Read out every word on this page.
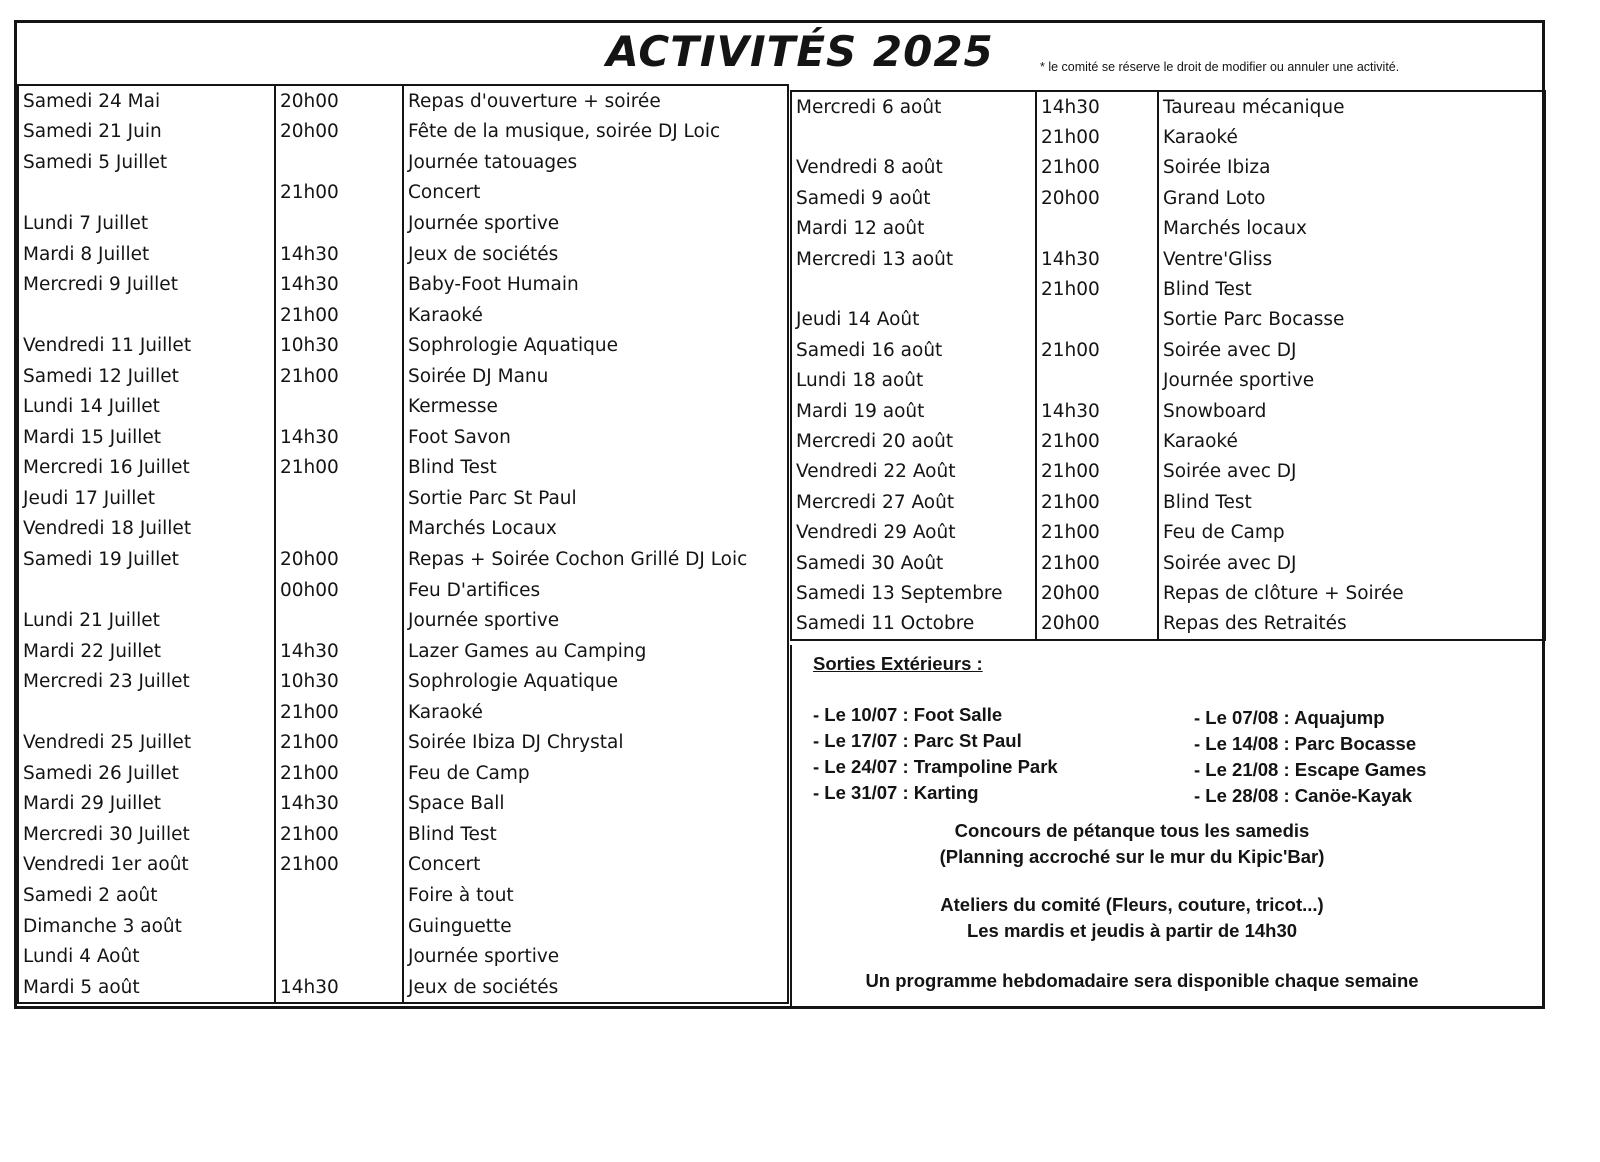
ACTIVITÉS 2025	* le comité se réserve le droit de modifier ou annuler une activité.
Samedi 24 Mai	20h00	Repas d'ouverture + soirée
Samedi 21 Juin	20h00	Fête de la musique, soirée DJ Loic
Samedi 5 Juillet		Journée tatouages
	21h00	Concert
Lundi 7 Juillet		Journée sportive
Mardi 8 Juillet	14h30	Jeux de sociétés
Mercredi 9 Juillet	14h30	Baby-Foot Humain
	21h00	Karaoké
Vendredi 11 Juillet	10h30	Sophrologie Aquatique
Samedi 12 Juillet	21h00	Soirée DJ Manu
Lundi 14 Juillet		Kermesse
Mardi 15 Juillet	14h30	Foot Savon
Mercredi 16 Juillet	21h00	Blind Test
Jeudi 17 Juillet		Sortie Parc St Paul
Vendredi 18 Juillet		Marchés Locaux
Samedi 19 Juillet	20h00	Repas + Soirée Cochon Grillé DJ Loic
	00h00	Feu D'artifices
Lundi 21 Juillet		Journée sportive
Mardi 22 Juillet	14h30	Lazer Games au Camping
Mercredi 23 Juillet	10h30	Sophrologie Aquatique
	21h00	Karaoké
Vendredi 25 Juillet	21h00	Soirée Ibiza DJ Chrystal
Samedi 26 Juillet	21h00	Feu de Camp
Mardi 29 Juillet	14h30	Space Ball
Mercredi 30 Juillet	21h00	Blind Test
Vendredi 1er août	21h00	Concert
Samedi 2 août		Foire à tout
Dimanche 3 août		Guinguette
Lundi 4 Août		Journée sportive
Mardi 5 août	14h30	Jeux de sociétés
Mercredi 6 août	14h30	Taureau mécanique
	21h00	Karaoké
Vendredi 8 août	21h00	Soirée Ibiza
Samedi 9 août	20h00	Grand Loto
Mardi 12 août		Marchés locaux
Mercredi 13 août	14h30	Ventre'Gliss
	21h00	Blind Test
Jeudi 14 Août		Sortie Parc Bocasse
Samedi 16 août	21h00	Soirée avec DJ
Lundi 18 août		Journée sportive
Mardi 19 août	14h30	Snowboard
Mercredi 20 août	21h00	Karaoké
Vendredi 22 Août	21h00	Soirée avec DJ
Mercredi 27 Août	21h00	Blind Test
Vendredi 29 Août	21h00	Feu de Camp
Samedi 30 Août	21h00	Soirée avec DJ
Samedi 13 Septembre	20h00	Repas de clôture + Soirée
Samedi 11 Octobre	20h00	Repas des Retraités
Sorties Extérieurs :
- Le 10/07 : Foot Salle
- Le 17/07 : Parc St Paul
- Le 24/07 : Trampoline Park
- Le 31/07 : Karting
- Le 07/08 : Aquajump
- Le 14/08 : Parc Bocasse
- Le 21/08 : Escape Games
- Le 28/08 : Canöe-Kayak
Concours de pétanque tous les samedis
(Planning accroché sur le mur du Kipic'Bar)
Ateliers du comité (Fleurs, couture, tricot...)
Les mardis et jeudis à partir de 14h30
Un programme hebdomadaire sera disponible chaque semaine
